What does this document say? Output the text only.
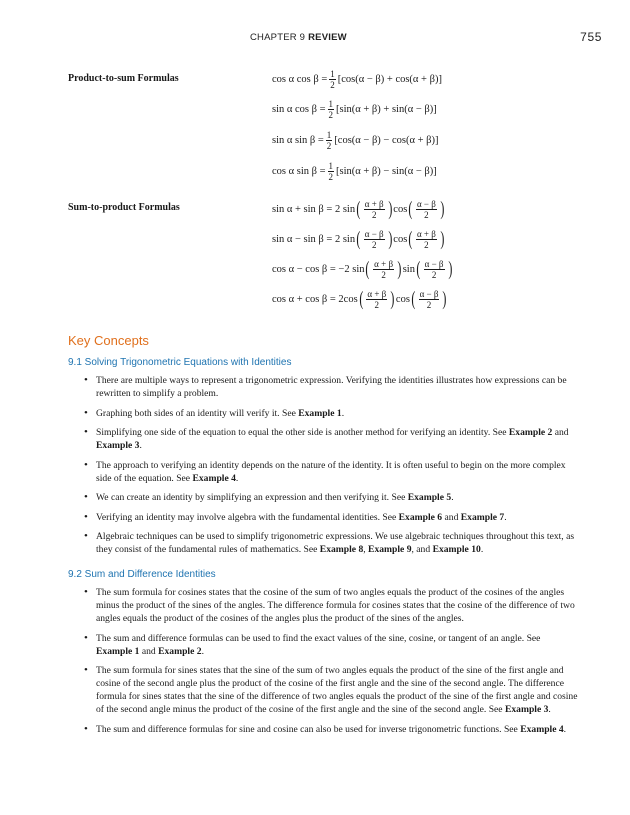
CHAPTER 9 REVIEW	755
Product-to-sum Formulas	cos α $\cos \beta = \frac{1}{2} [\cos(\alpha - \beta) + \cos(\alpha + \beta)]$
sin α $\cos \beta = \frac{1}{2} [\sin(\alpha + \beta) + \sin(\alpha - \beta)]$
sin α $\sin \beta = \frac{1}{2} [\cos(\alpha - \beta) - \cos(\alpha + \beta)]$
cos α $\sin \beta = \frac{1}{2} [\sin(\alpha + \beta) - \sin(\alpha - \beta)]$
Sum-to-product Formulas	sin α + sin β = 2 sin ( $\frac{\alpha + \beta}{2}$ ) cos ( $\frac{\alpha - \beta}{2}$ )
sin α − sin β = 2 sin ( $\frac{\alpha - \beta}{2}$ ) cos ( $\frac{\alpha + \beta}{2}$ )
cos α − cos β = −2 sin ( $\frac{\alpha + \beta}{2}$ ) sin ( $\frac{\alpha - \beta}{2}$ )
cos α + cos β = 2cos ( $\frac{\alpha + \beta}{2}$ ) cos ( $\frac{\alpha - \beta}{2}$ )
Key Concepts
9.1 Solving Trigonometric Equations with Identities
• There are multiple ways to represent a trigonometric expression. Verifying the identities illustrates how expressions can be rewritten to simplify a problem.
• Graphing both sides of an identity will verify it. See Example 1.
• Simplifying one side of the equation to equal the other side is another method for verifying an identity. See Example 2 and Example 3.
• The approach to verifying an identity depends on the nature of the identity. It is often useful to begin on the more complex side of the equation. See Example 4.
• We can create an identity by simplifying an expression and then verifying it. See Example 5.
• Verifying an identity may involve algebra with the fundamental identities. See Example 6 and Example 7.
• Algebraic techniques can be used to simplify trigonometric expressions. We use algebraic techniques throughout this text, as they consist of the fundamental rules of mathematics. See Example 8, Example 9, and Example 10.
9.2 Sum and Difference Identities
• The sum formula for cosines states that the cosine of the sum of two angles equals the product of the cosines of the angles minus the product of the sines of the angles. The difference formula for cosines states that the cosine of the difference of two angles equals the product of the cosines of the angles plus the product of the sines of the angles.
• The sum and difference formulas can be used to find the exact values of the sine, cosine, or tangent of an angle. See Example 1 and Example 2.
• The sum formula for sines states that the sine of the sum of two angles equals the product of the sine of the first angle and cosine of the second angle plus the product of the cosine of the first angle and the sine of the second angle. The difference formula for sines states that the sine of the difference of two angles equals the product of the sine of the first angle and cosine of the second angle minus the product of the cosine of the first angle and the sine of the second angle. See Example 3.
• The sum and difference formulas for sine and cosine can also be used for inverse trigonometric functions. See Example 4.
